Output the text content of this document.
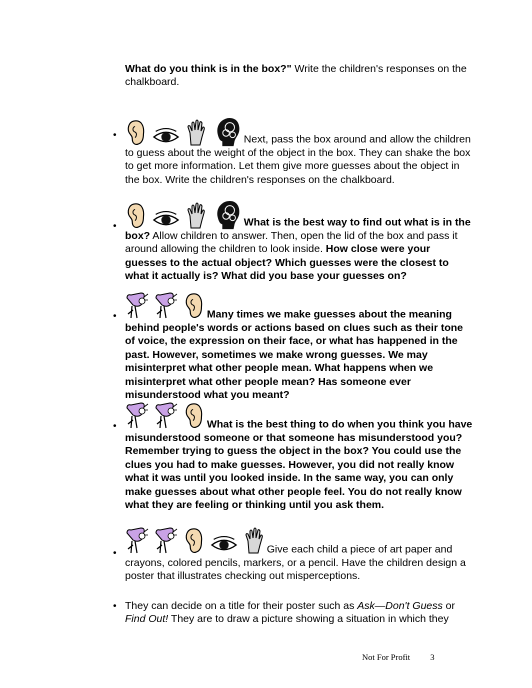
What do you think is in the box?" Write the children's responses on the chalkboard.
•	Next, pass the box around and allow the children to guess about the weight of the object in the box. They can shake the box to get more information. Let them give more guesses about the object in the box. Write the children's responses on the chalkboard.
•	What is the best way to find out what is in the box? Allow children to answer. Then, open the lid of the box and pass it around allowing the children to look inside. How close were your guesses to the actual object? Which guesses were the closest to what it actually is? What did you base your guesses on?
•	Many times we make guesses about the meaning behind people's words or actions based on clues such as their tone of voice, the expression on their face, or what has happened in the past. However, sometimes we make wrong guesses. We may misinterpret what other people mean. What happens when we misinterpret what other people mean? Has someone ever misunderstood what you meant?
•	What is the best thing to do when you think you have misunderstood someone or that someone has misunderstood you? Remember trying to guess the object in the box? You could use the clues you had to make guesses. However, you did not really know what it was until you looked inside. In the same way, you can only make guesses about what other people feel. You do not really know what they are feeling or thinking until you ask them.
•	Give each child a piece of art paper and crayons, colored pencils, markers, or a pencil. Have the children design a poster that illustrates checking out misperceptions.
• They can decide on a title for their poster such as Ask—Don't Guess or Find Out! They are to draw a picture showing a situation in which they
Not For Profit 3
